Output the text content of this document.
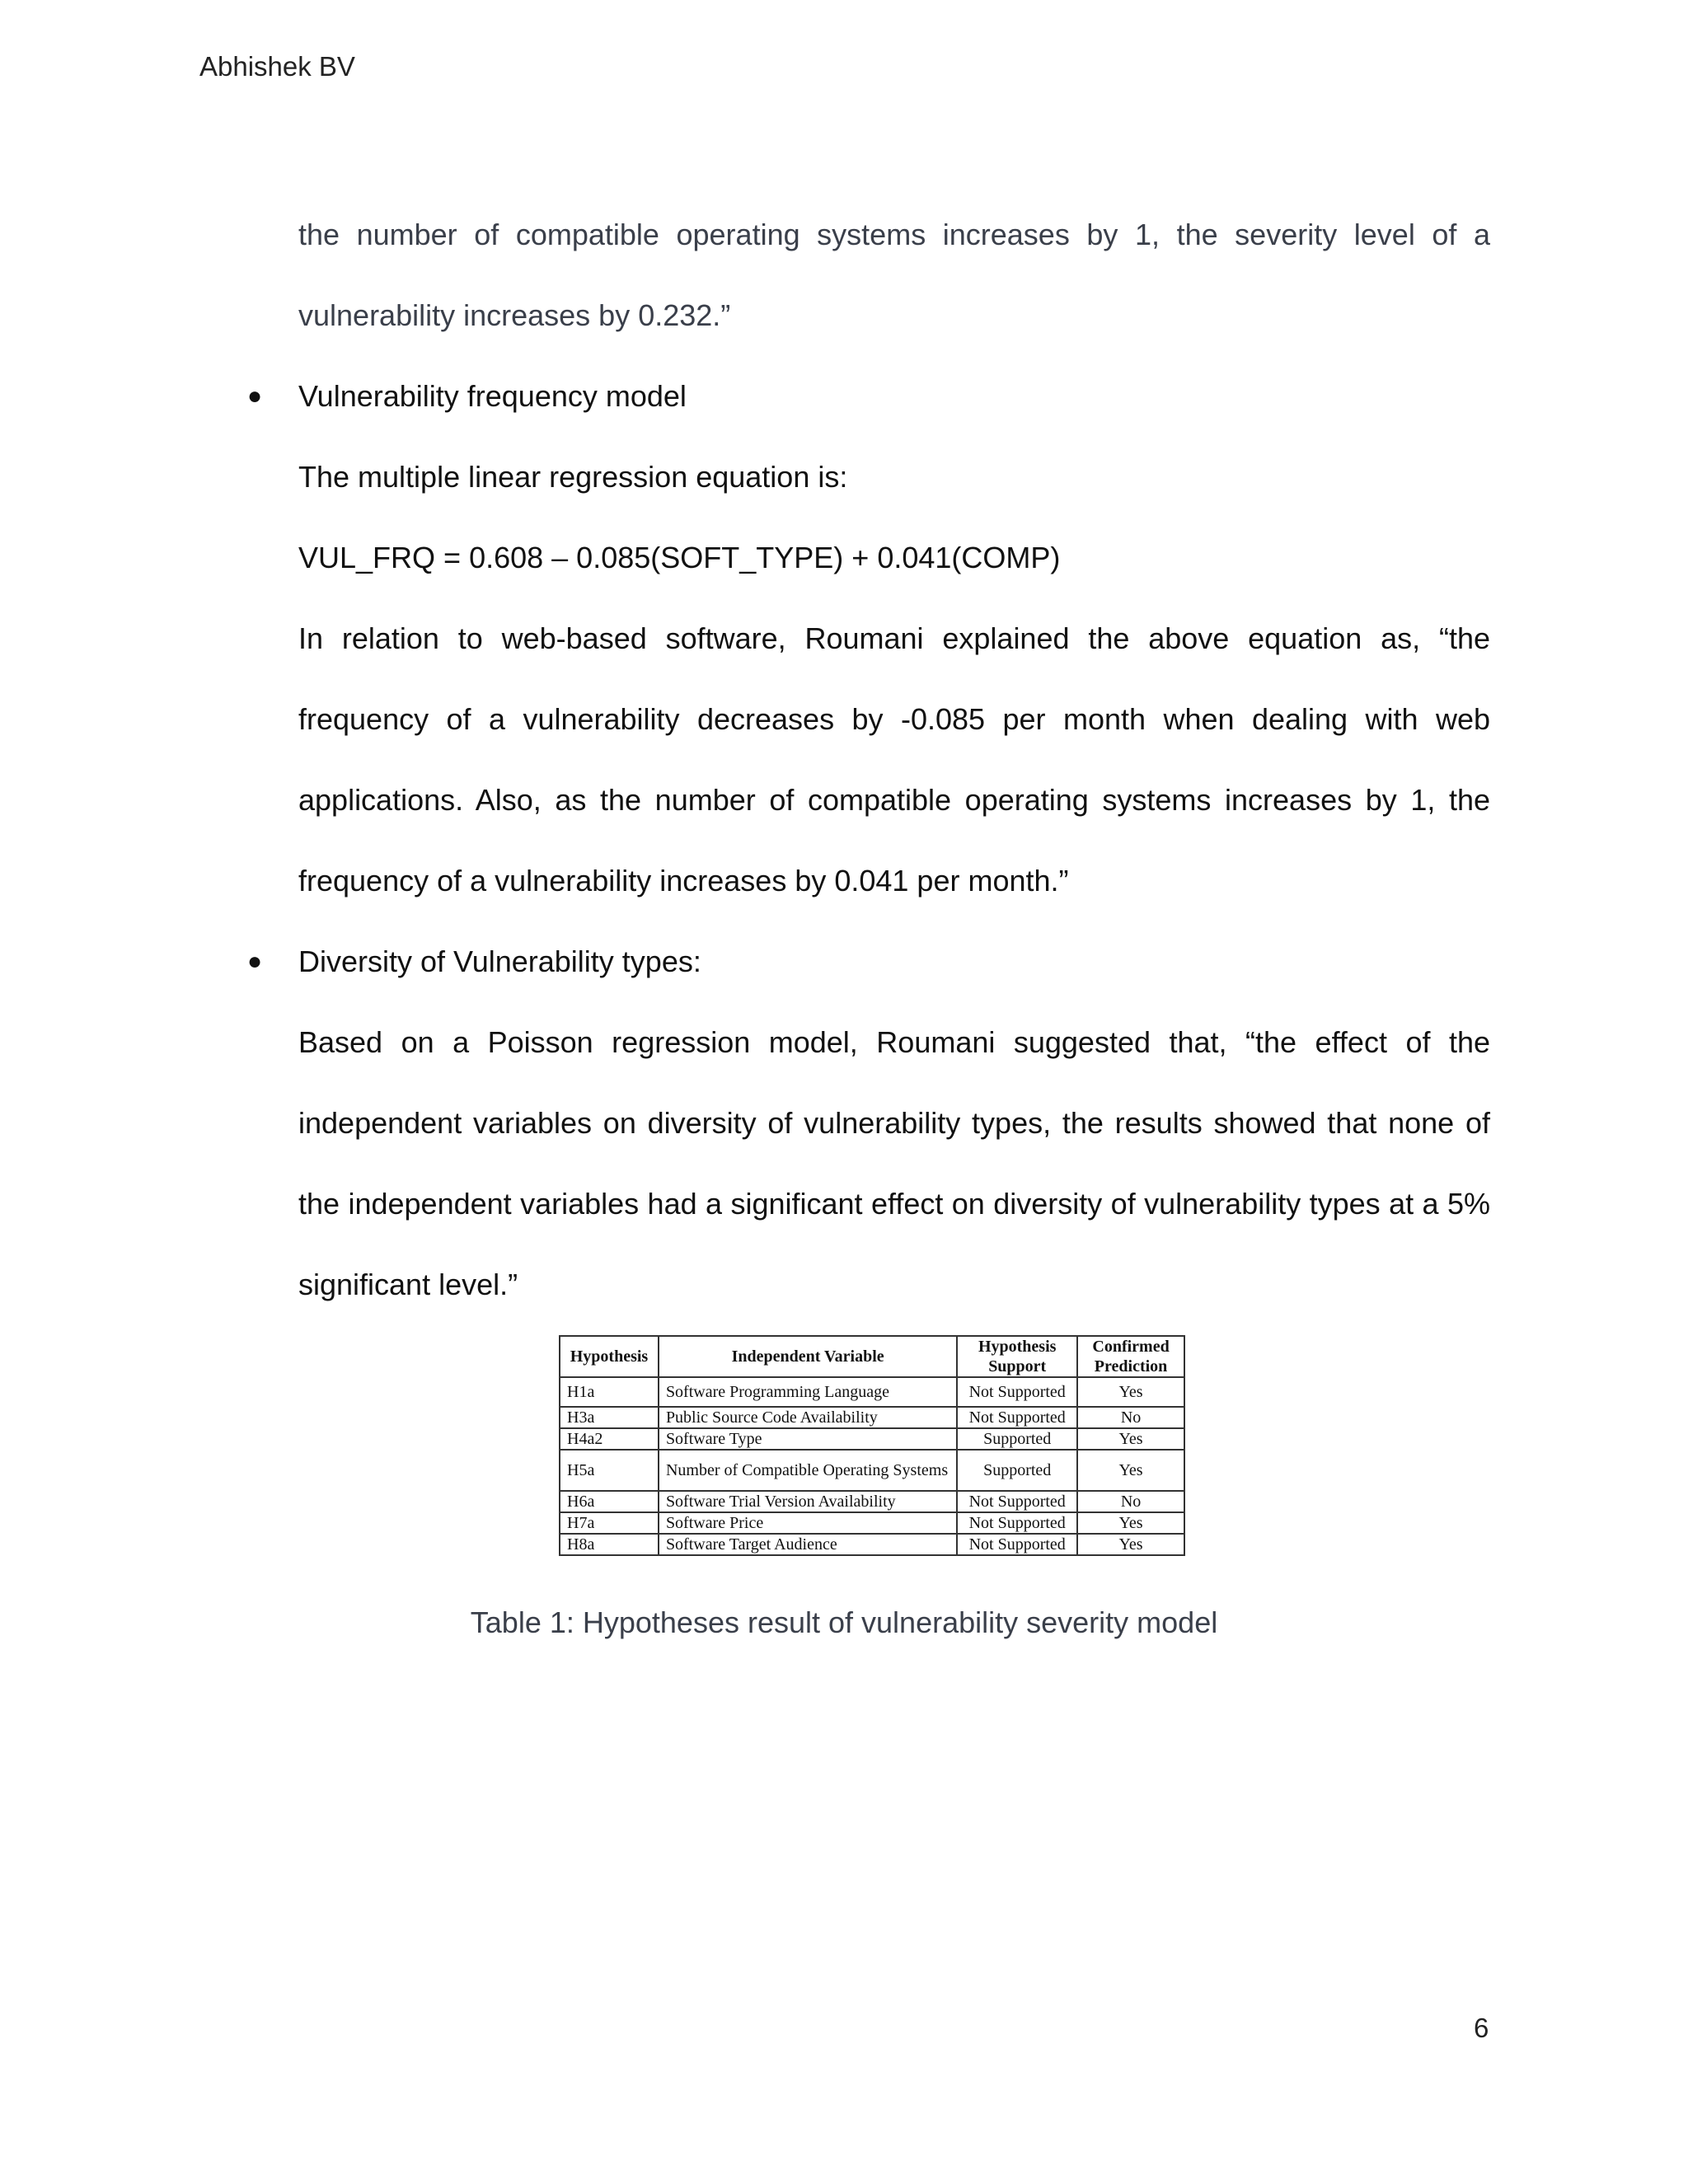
Abhishek BV

the number of compatible operating systems increases by 1, the severity level of a vulnerability increases by 0.232.”

● Vulnerability frequency model

The multiple linear regression equation is:

VUL_FRQ = 0.608 – 0.085(SOFT_TYPE) + 0.041(COMP)

In relation to web-based software, Roumani explained the above equation as, “the frequency of a vulnerability decreases by -0.085 per month when dealing with web applications. Also, as the number of compatible operating systems increases by 1, the frequency of a vulnerability increases by 0.041 per month.”

● Diversity of Vulnerability types:

Based on a Poisson regression model, Roumani suggested that, “the effect of the independent variables on diversity of vulnerability types, the results showed that none of the independent variables had a significant effect on diversity of vulnerability types at a 5% significant level.”

Hypothesis	Independent Variable	Hypothesis Support	Confirmed Prediction
H1a	Software Programming Language	Not Supported	Yes
H3a	Public Source Code Availability	Not Supported	No
H4a2	Software Type	Supported	Yes
H5a	Number of Compatible Operating Systems	Supported	Yes
H6a	Software Trial Version Availability	Not Supported	No
H7a	Software Price	Not Supported	Yes
H8a	Software Target Audience	Not Supported	Yes
Table 1: Hypotheses result of vulnerability severity model
6
